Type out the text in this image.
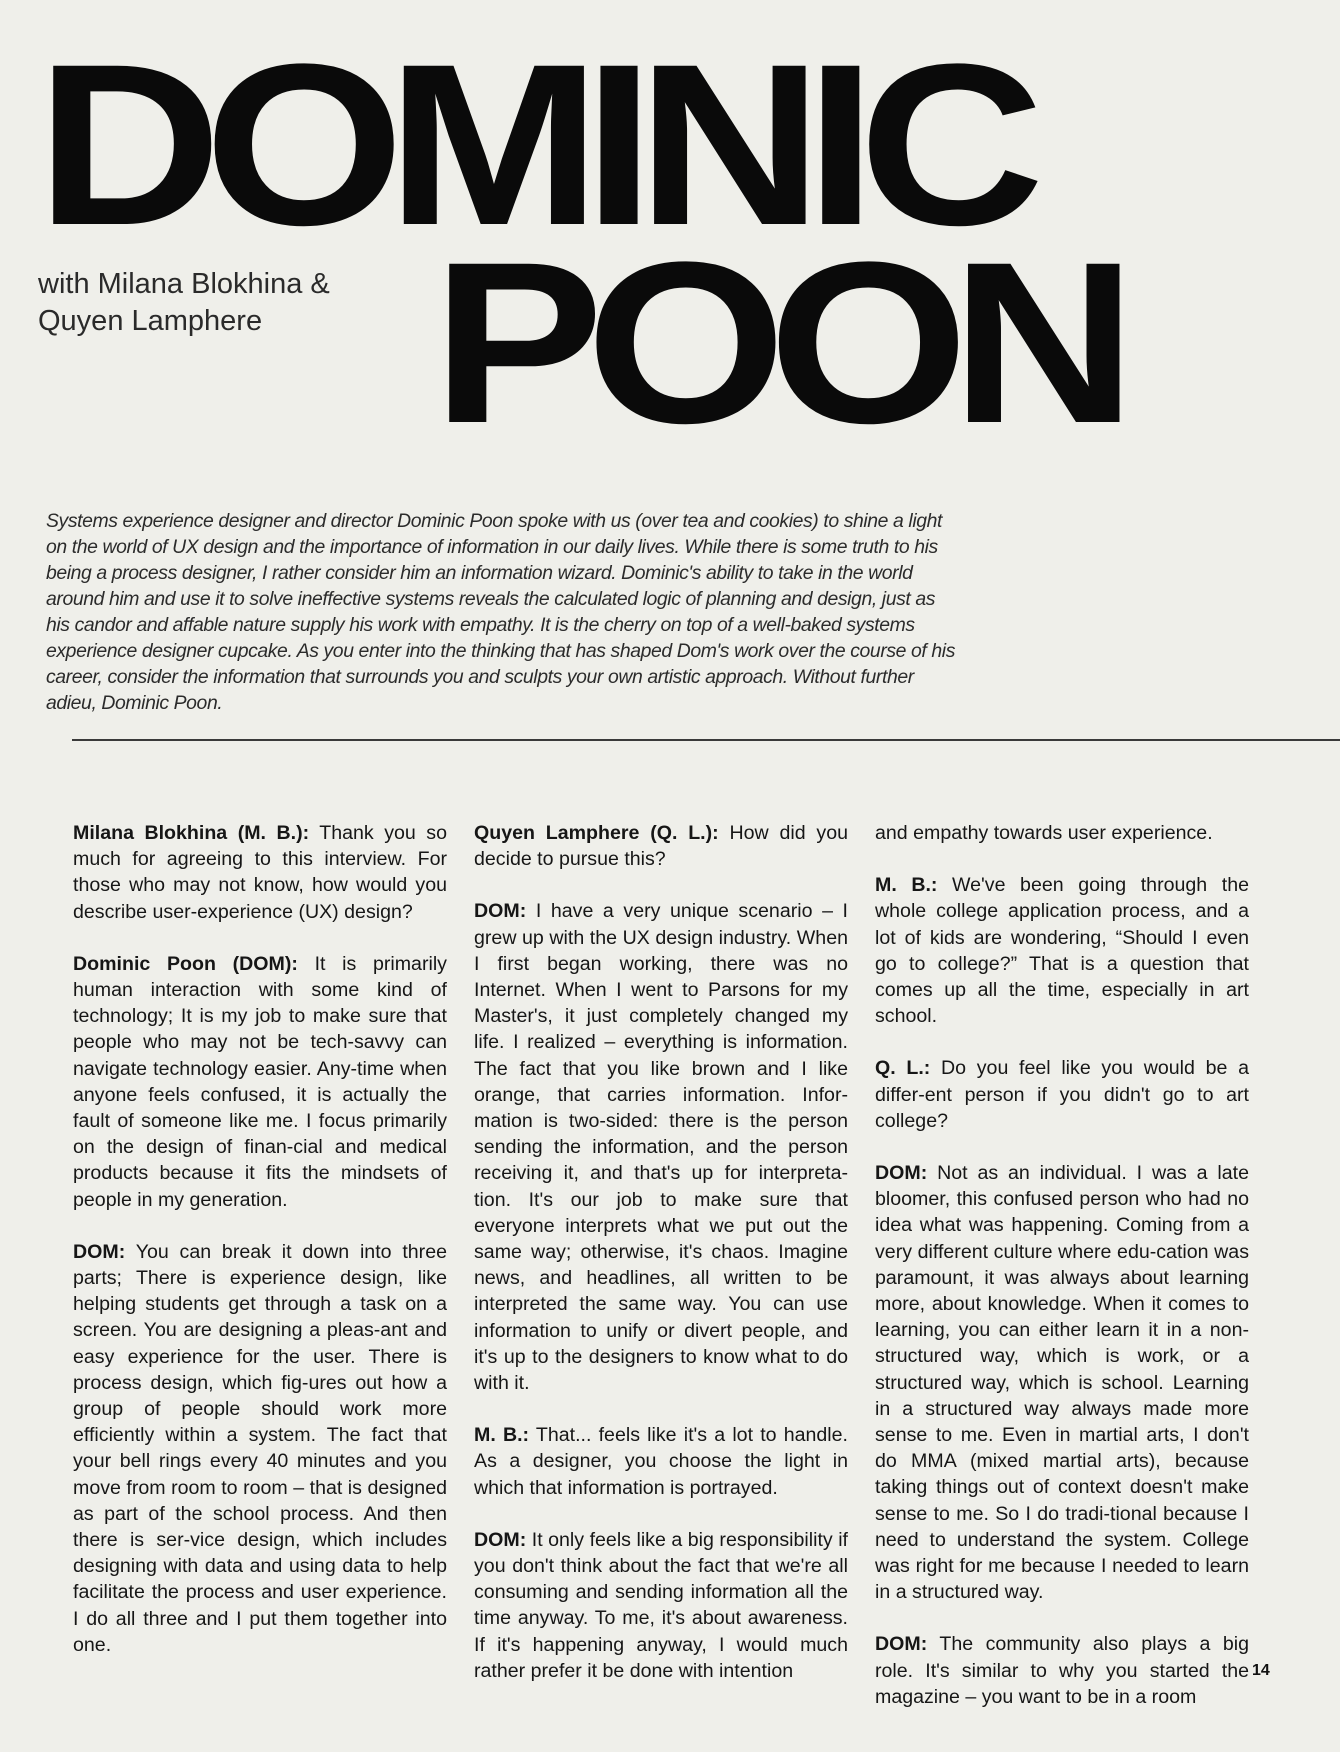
DOMINIC
POON
with Milana Blokhina &
Quyen Lamphere
Systems experience designer and director Dominic Poon spoke with us (over tea and cookies) to shine a light on the world of UX design and the importance of information in our daily lives. While there is some truth to his being a process designer, I rather consider him an information wizard. Dominic's ability to take in the world around him and use it to solve ineffective systems reveals the calculated logic of planning and design, just as his candor and affable nature supply his work with empathy. It is the cherry on top of a well-baked systems experience designer cupcake. As you enter into the thinking that has shaped Dom's work over the course of his career, consider the information that surrounds you and sculpts your own artistic approach. Without further adieu, Dominic Poon.

Milana Blokhina (M. B.): Thank you so much for agreeing to this interview. For those who may not know, how would you describe user-experience (UX) design?

Dominic Poon (DOM): It is primarily human interaction with some kind of technology; It is my job to make sure that people who may not be tech-savvy can navigate technology easier. Any-time when anyone feels confused, it is actually the fault of someone like me. I focus primarily on the design of finan-cial and medical products because it fits the mindsets of people in my generation.

DOM: You can break it down into three parts; There is experience design, like helping students get through a task on a screen. You are designing a pleas-ant and easy experience for the user. There is process design, which fig-ures out how a group of people should work more efficiently within a system. The fact that your bell rings every 40 minutes and you move from room to room – that is designed as part of the school process. And then there is ser-vice design, which includes designing with data and using data to help facilitate the process and user experience. I do all three and I put them together into one.

Quyen Lamphere (Q. L.): How did you decide to pursue this?

DOM: I have a very unique scenario – I grew up with the UX design industry. When I first began working, there was no Internet. When I went to Parsons for my Master's, it just completely changed my life. I realized – everything is information. The fact that you like brown and I like orange, that carries information. Infor-mation is two-sided: there is the person sending the information, and the person receiving it, and that's up for interpreta-tion. It's our job to make sure that everyone interprets what we put out the same way; otherwise, it's chaos. Imagine news, and headlines, all written to be interpreted the same way. You can use information to unify or divert people, and it's up to the designers to know what to do with it.

M. B.: That... feels like it's a lot to handle. As a designer, you choose the light in which that information is portrayed.

DOM: It only feels like a big responsibility if you don't think about the fact that we're all consuming and sending information all the time anyway. To me, it's about awareness. If it's happening anyway, I would much rather prefer it be done with intention

and empathy towards user experience.

M. B.: We've been going through the whole college application process, and a lot of kids are wondering, “Should I even go to college?” That is a question that comes up all the time, especially in art school.

Q. L.: Do you feel like you would be a differ-ent person if you didn't go to art college?

DOM: Not as an individual. I was a late bloomer, this confused person who had no idea what was happening. Coming from a very different culture where edu-cation was paramount, it was always about learning more, about knowledge. When it comes to learning, you can either learn it in a non-structured way, which is work, or a structured way, which is school. Learning in a structured way always made more sense to me. Even in martial arts, I don't do MMA (mixed martial arts), because taking things out of context doesn't make sense to me. So I do tradi-tional because I need to understand the system. College was right for me because I needed to learn in a structured way.

DOM: The community also plays a big role. It's similar to why you started the magazine – you want to be in a room

14
